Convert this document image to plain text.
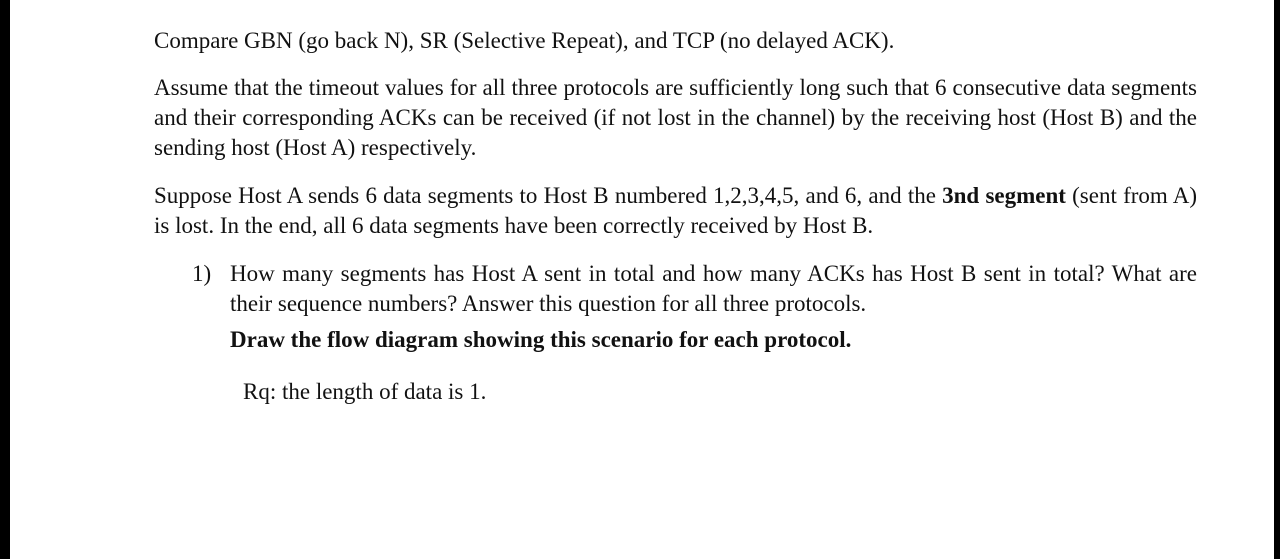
Compare GBN (go back N), SR (Selective Repeat), and TCP (no delayed ACK).

Assume that the timeout values for all three protocols are sufficiently long such that 6 consecutive data segments and their corresponding ACKs can be received (if not lost in the channel) by the receiving host (Host B) and the sending host (Host A) respectively.

Suppose Host A sends 6 data segments to Host B numbered 1,2,3,4,5, and 6, and the 3nd segment (sent from A) is lost. In the end, all 6 data segments have been correctly received by Host B.

1) How many segments has Host A sent in total and how many ACKs has Host B sent in total? What are their sequence numbers? Answer this question for all three protocols.

Draw the flow diagram showing this scenario for each protocol.

Rq: the length of data is 1.
